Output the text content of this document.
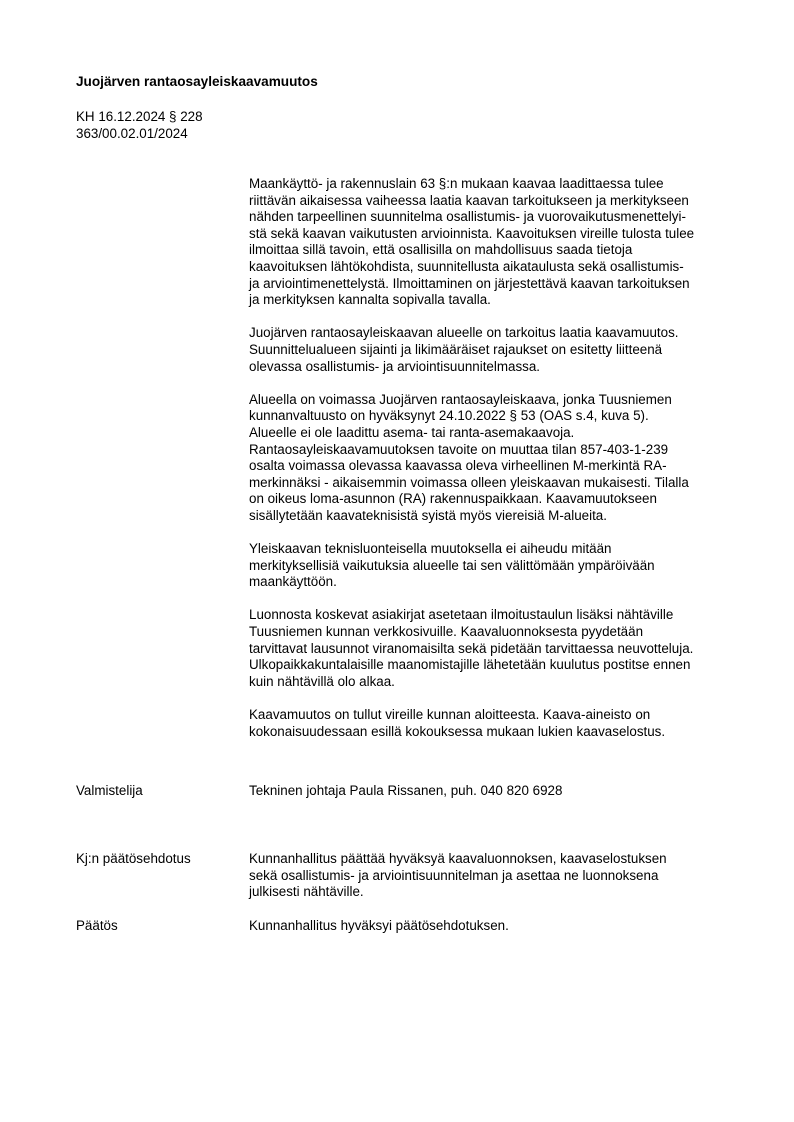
Juojärven rantaosayleiskaavamuutos
KH 16.12.2024 § 228
363/00.02.01/2024

Maankäyttö- ja rakennuslain 63 §:n mukaan kaavaa laadittaessa tulee
riittävän aikaisessa vaiheessa laatia kaavan tarkoitukseen ja merkitykseen
nähden tarpeellinen suunnitelma osallistumis- ja vuorovaikutusmenettelyi-
stä sekä kaavan vaikutusten arvioinnista. Kaavoituksen vireille tulosta tulee
ilmoittaa sillä tavoin, että osallisilla on mahdollisuus saada tietoja
kaavoituksen lähtökohdista, suunnitellusta aikataulusta sekä osallistumis-
ja arviointimenettelystä. Ilmoittaminen on järjestettävä kaavan tarkoituksen
ja merkityksen kannalta sopivalla tavalla.

Juojärven rantaosayleiskaavan alueelle on tarkoitus laatia kaavamuutos.
Suunnittelualueen sijainti ja likimääräiset rajaukset on esitetty liitteenä
olevassa osallistumis- ja arviointisuunnitelmassa.

Alueella on voimassa Juojärven rantaosayleiskaava, jonka Tuusniemen
kunnanvaltuusto on hyväksynyt 24.10.2022 § 53 (OAS s.4, kuva 5).
Alueelle ei ole laadittu asema- tai ranta-asemakaavoja.
Rantaosayleiskaavamuutoksen tavoite on muuttaa tilan 857-403-1-239
osalta voimassa olevassa kaavassa oleva virheellinen M-merkintä RA-
merkinnäksi - aikaisemmin voimassa olleen yleiskaavan mukaisesti. Tilalla
on oikeus loma-asunnon (RA) rakennuspaikkaan. Kaavamuutokseen
sisällytetään kaavateknisistä syistä myös viereisiä M-alueita.

Yleiskaavan teknisluonteisella muutoksella ei aiheudu mitään
merkityksellisiä vaikutuksia alueelle tai sen välittömään ympäröivään
maankäyttöön.

Luonnosta koskevat asiakirjat asetetaan ilmoitustaulun lisäksi nähtäville
Tuusniemen kunnan verkkosivuille. Kaavaluonnoksesta pyydetään
tarvittavat lausunnot viranomaisilta sekä pidetään tarvittaessa neuvotteluja.
Ulkopaikkakuntalaisille maanomistajille lähetetään kuulutus postitse ennen
kuin nähtävillä olo alkaa.

Kaavamuutos on tullut vireille kunnan aloitteesta. Kaava-aineisto on
kokonaisuudessaan esillä kokouksessa mukaan lukien kaavaselostus.

Valmistelija	Tekninen johtaja Paula Rissanen, puh. 040 820 6928
Kj:n päätösehdotus	Kunnanhallitus päättää hyväksyä kaavaluonnoksen, kaavaselostuksen
sekä osallistumis- ja arviointisuunnitelman ja asettaa ne luonnoksena
julkisesti nähtäville.
Päätös	Kunnanhallitus hyväksyi päätösehdotuksen.
